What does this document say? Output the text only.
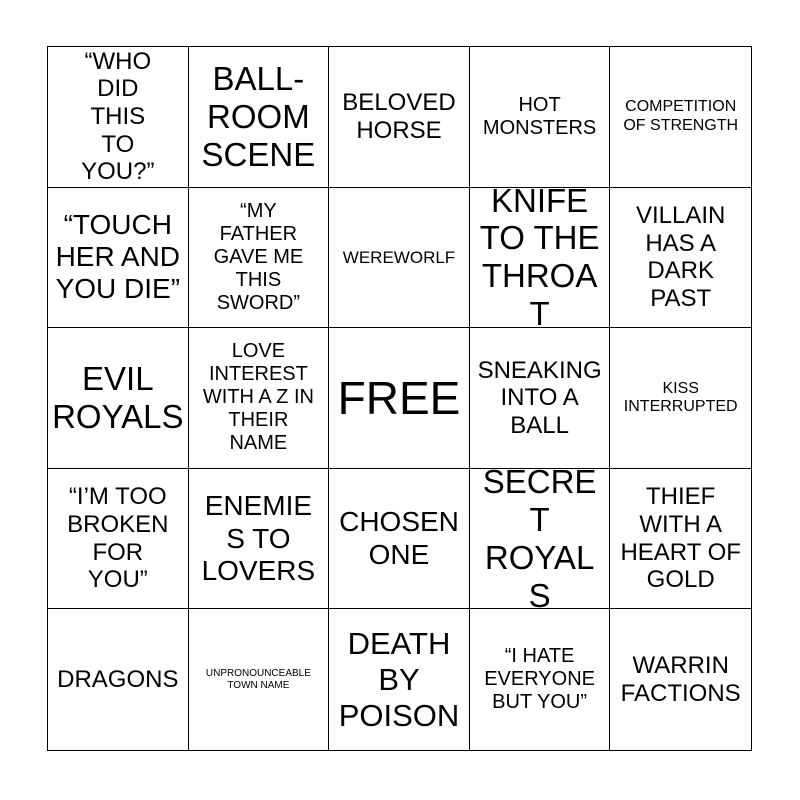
“WHO DID THIS TO YOU?”
BALL-ROOM SCENE
BELOVED HORSE
HOT MONSTERS
COMPETITION OF STRENGTH
“TOUCH HER AND YOU DIE”
“MY FATHER GAVE ME THIS SWORD”
WEREWORLF
KNIFE TO THE THROAT
VILLAIN HAS A DARK PAST
EVIL ROYALS
LOVE INTEREST WITH A Z IN THEIR NAME
FREE
SNEAKING INTO A BALL
KISS INTERRUPTED
“I’M TOO BROKEN FOR YOU”
ENEMIES TO LOVERS
CHOSEN ONE
SECRET ROYALS
THIEF WITH A HEART OF GOLD
DRAGONS	UNPRONOUNCEABLE TOWN NAME
DEATH BY POISON
“I HATE EVERYONE BUT YOU”
WARRIN FACTIONS
